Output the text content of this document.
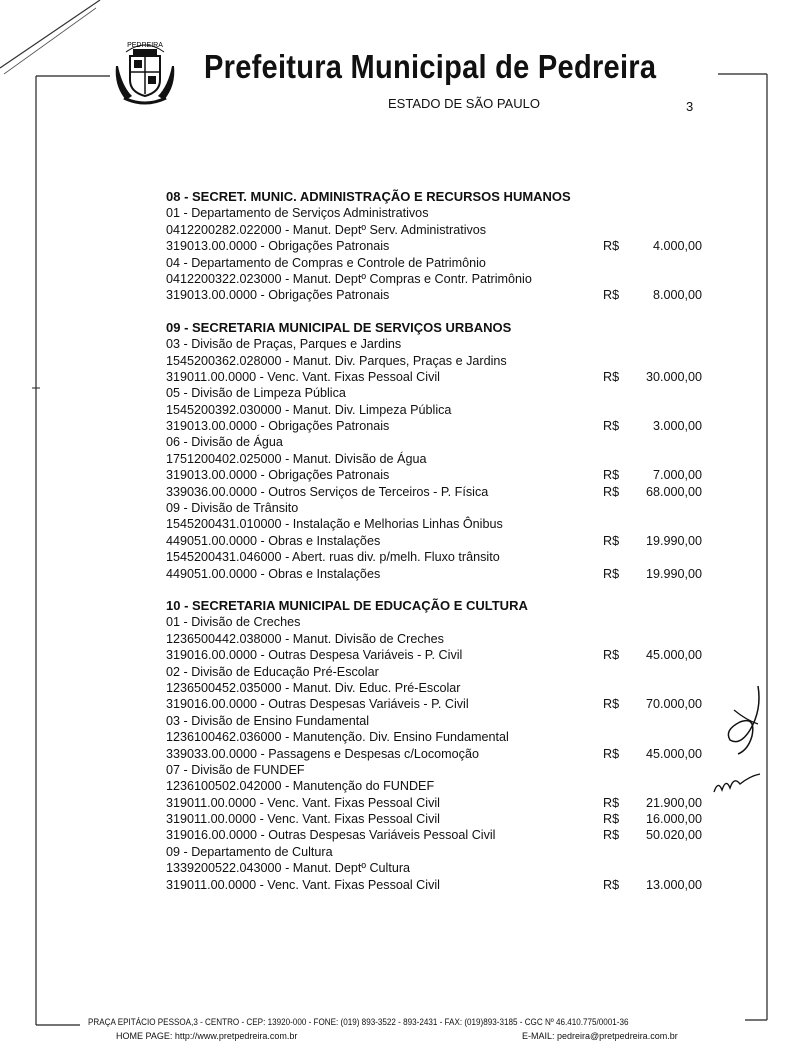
PEDREIRA
Prefeitura Municipal de Pedreira
ESTADO DE SÃO PAULO	3
08 - SECRET. MUNIC. ADMINISTRAÇÃO E RECURSOS HUMANOS
01 - Departamento de Serviços Administrativos
0412200282.022000 - Manut. Deptº Serv. Administrativos
319013.00.0000 - Obrigações Patronais	R$	4.000,00
04 - Departamento de Compras e Controle de Patrimônio
0412200322.023000 - Manut. Deptº Compras e Contr. Patrimônio
319013.00.0000 - Obrigações Patronais	R$	8.000,00
09 - SECRETARIA MUNICIPAL DE SERVIÇOS URBANOS
03 - Divisão de Praças, Parques e Jardins
1545200362.028000 - Manut. Div. Parques, Praças e Jardins
319011.00.0000 - Venc. Vant. Fixas Pessoal Civil	R$ 30.000,00
05 - Divisão de Limpeza Pública
1545200392.030000 - Manut. Div. Limpeza Pública
319013.00.0000 - Obrigações Patronais	R$	3.000,00
06 - Divisão de Água
1751200402.025000 - Manut. Divisão de Água
319013.00.0000 - Obrigações Patronais	R$	7.000,00
339036.00.0000 - Outros Serviços de Terceiros - P. Física	R$ 68.000,00
09 - Divisão de Trânsito
1545200431.010000 - Instalação e Melhorias Linhas Ônibus
449051.00.0000 - Obras e Instalações	R$ 19.990,00
1545200431.046000 - Abert. ruas div. p/melh. Fluxo trânsito
449051.00.0000 - Obras e Instalações	R$ 19.990,00
10 - SECRETARIA MUNICIPAL DE EDUCAÇÃO E CULTURA
01 - Divisão de Creches
1236500442.038000 - Manut. Divisão de Creches
319016.00.0000 - Outras Despesa Variáveis - P. Civil	R$ 45.000,00
02 - Divisão de Educação Pré-Escolar
1236500452.035000 - Manut. Div. Educ. Pré-Escolar
319016.00.0000 - Outras Despesas Variáveis - P. Civil	R$ 70.000,00
03 - Divisão de Ensino Fundamental
1236100462.036000 - Manutenção. Div. Ensino Fundamental
339033.00.0000 - Passagens e Despesas c/Locomoção	R$ 45.000,00
07 - Divisão de FUNDEF
1236100502.042000 - Manutenção do FUNDEF
319011.00.0000 - Venc. Vant. Fixas Pessoal Civil	R$ 21.900,00
319011.00.0000 - Venc. Vant. Fixas Pessoal Civil	R$ 16.000,00
319016.00.0000 - Outras Despesas Variáveis Pessoal Civil	R$ 50.020,00
09 - Departamento de Cultura
1339200522.043000 - Manut. Deptº Cultura
319011.00.0000 - Venc. Vant. Fixas Pessoal Civil	R$ 13.000,00
PRAÇA EPITÁCIO PESSOA,3 - CENTRO - CEP: 13920-000 - FONE: (019) 893-3522 - 893-2431 - FAX: (019)893-3185 - CGC Nº 46.410.775/0001-36
HOME PAGE: http://www.pretpedreira.com.br	E-MAIL: pedreira@pretpedreira.com.br
